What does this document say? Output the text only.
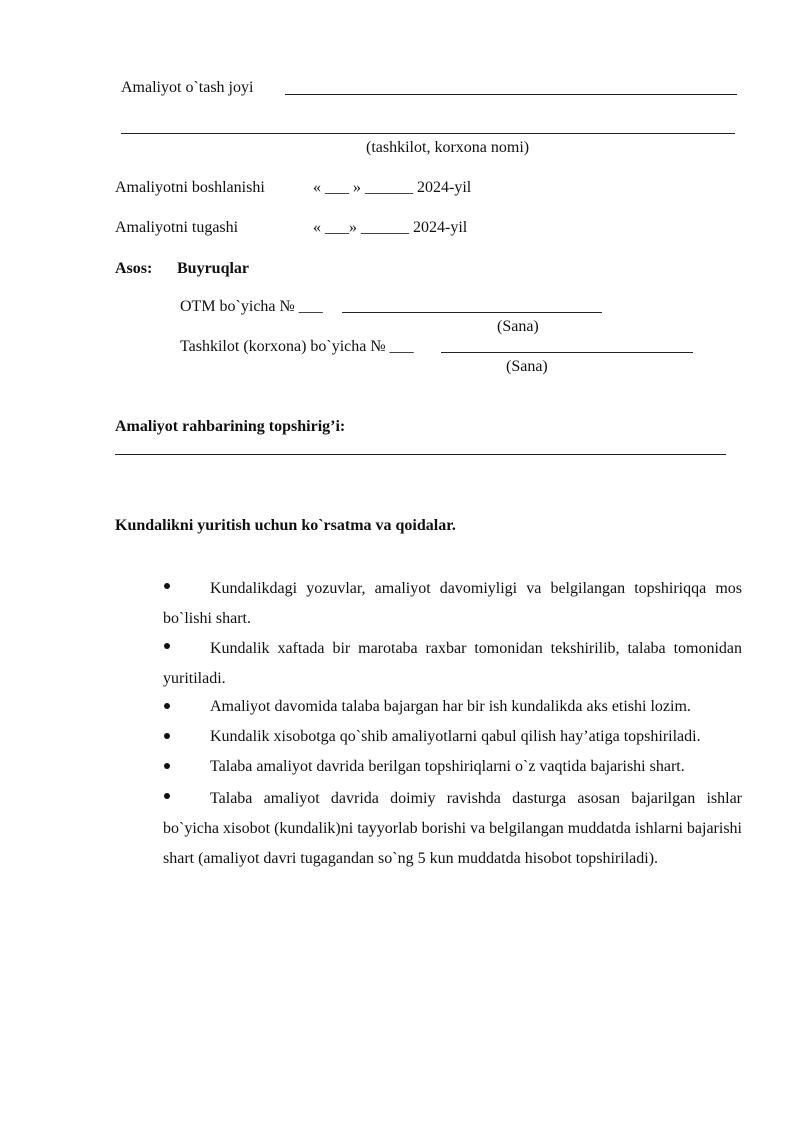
Amaliyot o`tash joyi
(tashkilot, korxona nomi)
Amaliyotni boshlanishi	« ___ » ______ 2024-yil
Amaliyotni tugashi	« ___» ______ 2024-yil
Asos: Buyruqlar
OTM bo`yicha № ___
(Sana)
Tashkilot (korxona) bo`yicha № ___
(Sana)
Amaliyot rahbarining topshirig’i:
Kundalikni yuritish uchun ko`rsatma va qoidalar.
Kundalikdagi yozuvlar, amaliyot davomiyligi va belgilangan topshiriqqa mos bo`lishi shart.
Kundalik xaftada bir marotaba raxbar tomonidan tekshirilib, talaba tomonidan yuritiladi.
Amaliyot davomida talaba bajargan har bir ish kundalikda aks etishi lozim.
Kundalik xisobotga qo`shib amaliyotlarni qabul qilish hay’atiga topshiriladi.
Talaba amaliyot davrida berilgan topshiriqlarni o`z vaqtida bajarishi shart.
Talaba amaliyot davrida doimiy ravishda dasturga asosan bajarilgan ishlar bo`yicha xisobot (kundalik)ni tayyorlab borishi va belgilangan muddatda ishlarni bajarishi shart (amaliyot davri tugagandan so`ng 5 kun muddatda hisobot topshiriladi).
